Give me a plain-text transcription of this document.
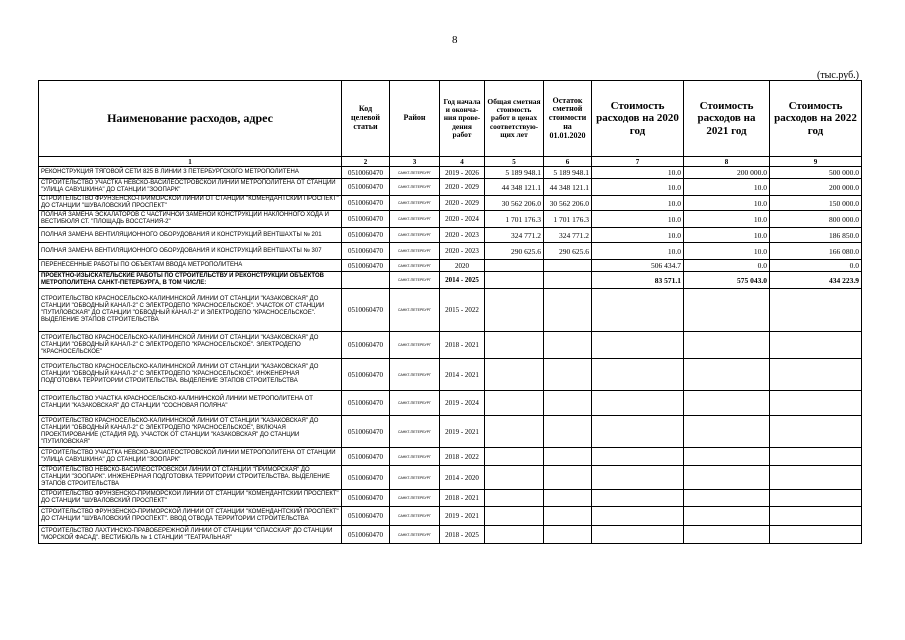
8
(тыс.руб.)
Наименование расходов, адрес	Код целевой статьи	Район	Год начала и оконча-ния прове-дения работ	Общая сметная стоимость работ в ценах соответствую-щих лет	Остаток сметной стоимости на 01.01.2020	Стоимость расходов на 2020 год	Стоимость расходов на 2021 год	Стоимость расходов на 2022 год
1	2	3	4	5	6	7	8	9
РЕКОНСТРУКЦИЯ ТЯГОВОЙ СЕТИ 825 В ЛИНИИ 3 ПЕТЕРБУРГСКОГО МЕТРОПОЛИТЕНА	0510060470	САНКТ-ПЕТЕРБУРГ	2019 - 2026	5 189 948.1	5 189 948.1	10.0	200 000.0	500 000.0
СТРОИТЕЛЬСТВО УЧАСТКА НЕВСКО-ВАСИЛЕОСТРОВСКОЙ ЛИНИИ МЕТРОПОЛИТЕНА ОТ СТАНЦИИ "УЛИЦА САВУШКИНА" ДО СТАНЦИИ "ЗООПАРК"	0510060470	САНКТ-ПЕТЕРБУРГ	2020 - 2029	44 348 121.1	44 348 121.1	10.0	10.0	200 000.0
СТРОИТЕЛЬСТВО ФРУНЗЕНСКО-ПРИМОРСКОЙ ЛИНИИ ОТ СТАНЦИИ "КОМЕНДАНТСКИЙ ПРОСПЕКТ" ДО СТАНЦИИ "ШУВАЛОВСКИЙ ПРОСПЕКТ"	0510060470	САНКТ-ПЕТЕРБУРГ	2020 - 2029	30 562 206.0	30 562 206.0	10.0	10.0	150 000.0
ПОЛНАЯ ЗАМЕНА ЭСКАЛАТОРОВ С ЧАСТИЧНОЙ ЗАМЕНОЙ КОНСТРУКЦИЙ НАКЛОННОГО ХОДА И ВЕСТИБЮЛЯ СТ. "ПЛОЩАДЬ ВОССТАНИЯ-2"	0510060470	САНКТ-ПЕТЕРБУРГ	2020 - 2024	1 701 176.3	1 701 176.3	10.0	10.0	800 000.0
ПОЛНАЯ ЗАМЕНА ВЕНТИЛЯЦИОННОГО ОБОРУДОВАНИЯ И КОНСТРУКЦИЙ ВЕНТШАХТЫ № 201	0510060470	САНКТ-ПЕТЕРБУРГ	2020 - 2023	324 771.2	324 771.2	10.0	10.0	186 850.0
ПОЛНАЯ ЗАМЕНА ВЕНТИЛЯЦИОННОГО ОБОРУДОВАНИЯ И КОНСТРУКЦИЙ ВЕНТШАХТЫ № 307	0510060470	САНКТ-ПЕТЕРБУРГ	2020 - 2023	290 625.6	290 625.6	10.0	10.0	166 080.0
ПЕРЕНЕСЕННЫЕ РАБОТЫ ПО ОБЪЕКТАМ ВВОДА МЕТРОПОЛИТЕНА	0510060470	САНКТ-ПЕТЕРБУРГ	2020			506 434.7	0.0	0.0
ПРОЕКТНО-ИЗЫСКАТЕЛЬСКИЕ РАБОТЫ ПО СТРОИТЕЛЬСТВУ И РЕКОНСТРУКЦИИ ОБЪЕКТОВ МЕТРОПОЛИТЕНА САНКТ-ПЕТЕРБУРГА, В ТОМ ЧИСЛЕ:		САНКТ-ПЕТЕРБУРГ	2014 - 2025			83 571.1	575 043.0	434 223.9
СТРОИТЕЛЬСТВО КРАСНОСЕЛЬСКО-КАЛИНИНСКОЙ ЛИНИИ ОТ СТАНЦИИ "КАЗАКОВСКАЯ" ДО СТАНЦИИ "ОБВОДНЫЙ КАНАЛ-2" С ЭЛЕКТРОДЕПО "КРАСНОСЕЛЬСКОЕ". УЧАСТОК ОТ СТАНЦИИ "ПУТИЛОВСКАЯ" ДО СТАНЦИИ "ОБВОДНЫЙ КАНАЛ-2" И ЭЛЕКТРОДЕПО "КРАСНОСЕЛЬСКОЕ". ВЫДЕЛЕНИЕ ЭТАПОВ СТРОИТЕЛЬСТВА	0510060470	САНКТ-ПЕТЕРБУРГ	2015 - 2022					
СТРОИТЕЛЬСТВО КРАСНОСЕЛЬСКО-КАЛИНИНСКОЙ ЛИНИИ ОТ СТАНЦИИ "КАЗАКОВСКАЯ" ДО СТАНЦИИ "ОБВОДНЫЙ КАНАЛ-2" С ЭЛЕКТРОДЕПО "КРАСНОСЕЛЬСКОЕ". ЭЛЕКТРОДЕПО "КРАСНОСЕЛЬСКОЕ"	0510060470	САНКТ-ПЕТЕРБУРГ	2018 - 2021					
СТРОИТЕЛЬСТВО КРАСНОСЕЛЬСКО-КАЛИНИНСКОЙ ЛИНИИ ОТ СТАНЦИИ "КАЗАКОВСКАЯ" ДО СТАНЦИИ "ОБВОДНЫЙ КАНАЛ-2" С ЭЛЕКТРОДЕПО "КРАСНОСЕЛЬСКОЕ". ИНЖЕНЕРНАЯ ПОДГОТОВКА ТЕРРИТОРИИ СТРОИТЕЛЬСТВА. ВЫДЕЛЕНИЕ ЭТАПОВ СТРОИТЕЛЬСТВА	0510060470	САНКТ-ПЕТЕРБУРГ	2014 - 2021					
СТРОИТЕЛЬСТВО УЧАСТКА КРАСНОСЕЛЬСКО-КАЛИНИНСКОЙ ЛИНИИ МЕТРОПОЛИТЕНА ОТ СТАНЦИИ "КАЗАКОВСКАЯ" ДО СТАНЦИИ "СОСНОВАЯ ПОЛЯНА"	0510060470	САНКТ-ПЕТЕРБУРГ	2019 - 2024					
СТРОИТЕЛЬСТВО КРАСНОСЕЛЬСКО-КАЛИНИНСКОЙ ЛИНИИ ОТ СТАНЦИИ "КАЗАКОВСКАЯ" ДО СТАНЦИИ "ОБВОДНЫЙ КАНАЛ-2" С ЭЛЕКТРОДЕПО "КРАСНОСЕЛЬСКОЕ", ВКЛЮЧАЯ ПРОЕКТИРОВАНИЕ (СТАДИЯ РД). УЧАСТОК ОТ СТАНЦИИ "КАЗАКОВСКАЯ" ДО СТАНЦИИ "ПУТИЛОВСКАЯ"	0510060470	САНКТ-ПЕТЕРБУРГ	2019 - 2021					
СТРОИТЕЛЬСТВО УЧАСТКА НЕВСКО-ВАСИЛЕОСТРОВСКОЙ ЛИНИИ МЕТРОПОЛИТЕНА ОТ СТАНЦИИ "УЛИЦА САВУШКИНА" ДО СТАНЦИИ "ЗООПАРК"	0510060470	САНКТ-ПЕТЕРБУРГ	2018 - 2022					
СТРОИТЕЛЬСТВО НЕВСКО-ВАСИЛЕОСТРОВСКОЙ ЛИНИИ ОТ СТАНЦИИ "ПРИМОРСКАЯ" ДО СТАНЦИИ "ЗООПАРК". ИНЖЕНЕРНАЯ ПОДГОТОВКА ТЕРРИТОРИИ СТРОИТЕЛЬСТВА. ВЫДЕЛЕНИЕ ЭТАПОВ СТРОИТЕЛЬСТВА	0510060470	САНКТ-ПЕТЕРБУРГ	2014 - 2020					
СТРОИТЕЛЬСТВО ФРУНЗЕНСКО-ПРИМОРСКОЙ ЛИНИИ ОТ СТАНЦИИ "КОМЕНДАНТСКИЙ ПРОСПЕКТ" ДО СТАНЦИИ "ШУВАЛОВСКИЙ ПРОСПЕКТ"	0510060470	САНКТ-ПЕТЕРБУРГ	2018 - 2021					
СТРОИТЕЛЬСТВО ФРУНЗЕНСКО-ПРИМОРСКОЙ ЛИНИИ ОТ СТАНЦИИ "КОМЕНДАНТСКИЙ ПРОСПЕКТ" ДО СТАНЦИИ "ШУВАЛОВСКИЙ ПРОСПЕКТ". ВВОД ОТВОДА ТЕРРИТОРИИ СТРОИТЕЛЬСТВА	0510060470	САНКТ-ПЕТЕРБУРГ	2019 - 2021					
СТРОИТЕЛЬСТВО ЛАХТИНСКО-ПРАВОБЕРЕЖНОЙ ЛИНИИ ОТ СТАНЦИИ "СПАССКАЯ" ДО СТАНЦИИ "МОРСКОЙ ФАСАД". ВЕСТИБЮЛЬ № 1 СТАНЦИИ "ТЕАТРАЛЬНАЯ"	0510060470	САНКТ-ПЕТЕРБУРГ	2018 - 2025					
